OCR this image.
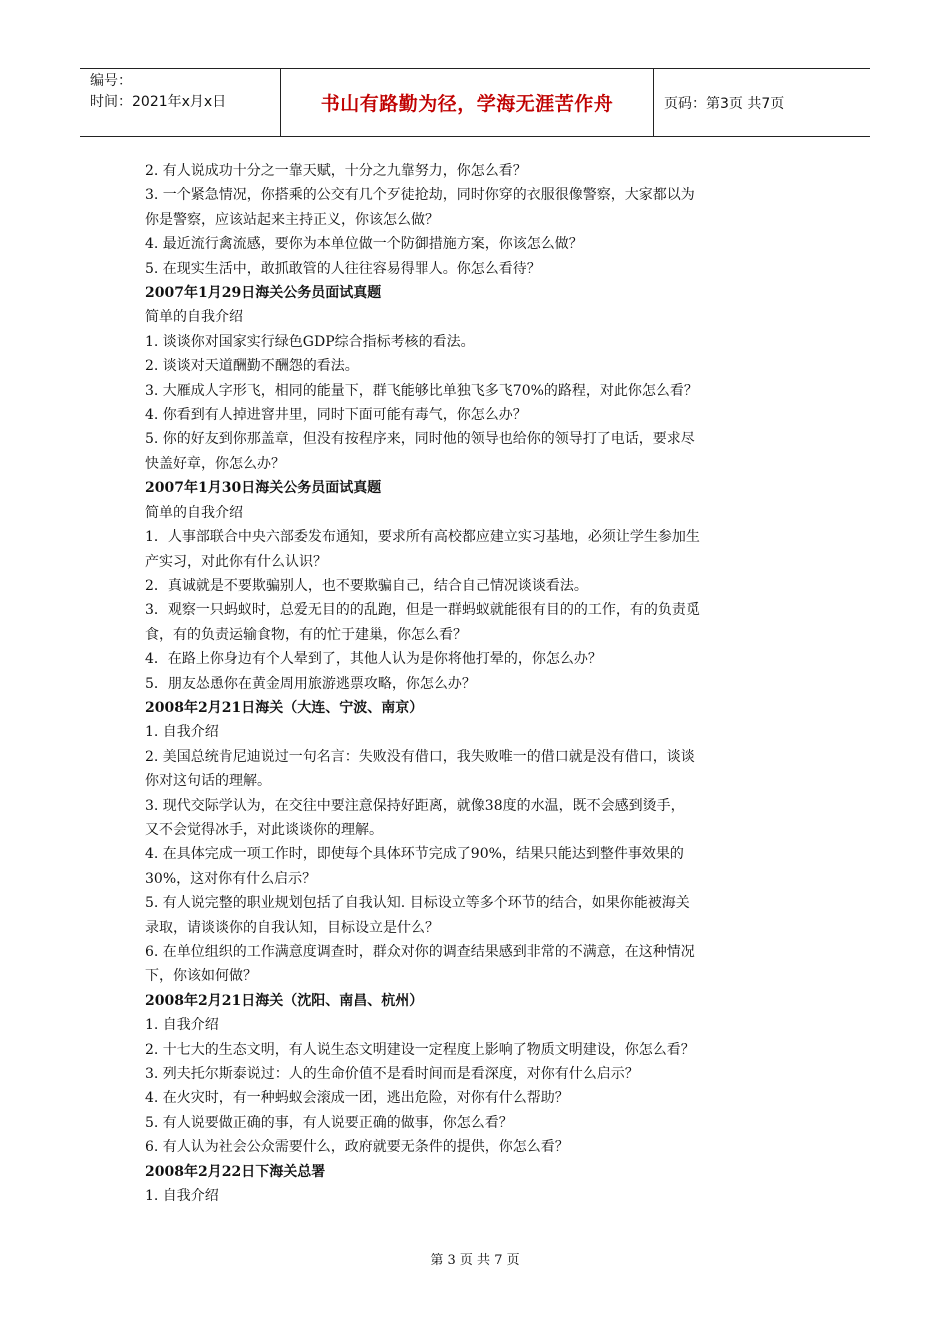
编号：
时间：2021年x月x日	书山有路勤为径，学海无涯苦作舟	页码：第3页 共7页
2. 有人说成功十分之一靠天赋，十分之九靠努力，你怎么看？
3. 一个紧急情况，你搭乘的公交有几个歹徒抢劫，同时你穿的衣服很像警察，大家都以为
你是警察，应该站起来主持正义，你该怎么做？
4. 最近流行禽流感，要你为本单位做一个防御措施方案，你该怎么做？
5. 在现实生活中，敢抓敢管的人往往容易得罪人。你怎么看待？
2007年1月29日海关公务员面试真题
简单的自我介绍
1. 谈谈你对国家实行绿色GDP综合指标考核的看法。
2. 谈谈对天道酬勤不酬怨的看法。
3. 大雁成人字形飞，相同的能量下，群飞能够比单独飞多飞70%的路程，对此你怎么看？
4. 你看到有人掉进窨井里，同时下面可能有毒气，你怎么办？
5. 你的好友到你那盖章，但没有按程序来，同时他的领导也给你的领导打了电话，要求尽
快盖好章，你怎么办？
2007年1月30日海关公务员面试真题
简单的自我介绍
1．人事部联合中央六部委发布通知，要求所有高校都应建立实习基地，必须让学生参加生
产实习，对此你有什么认识？
2．真诚就是不要欺骗别人，也不要欺骗自己，结合自己情况谈谈看法。
3．观察一只蚂蚁时，总爱无目的的乱跑，但是一群蚂蚁就能很有目的的工作，有的负责觅
食，有的负责运输食物，有的忙于建巢，你怎么看？
4．在路上你身边有个人晕到了，其他人认为是你将他打晕的，你怎么办？
5．朋友怂恿你在黄金周用旅游逃票攻略，你怎么办？
2008年2月21日海关（大连、宁波、南京）
1. 自我介绍
2. 美国总统肯尼迪说过一句名言：失败没有借口，我失败唯一的借口就是没有借口，谈谈
你对这句话的理解。
3. 现代交际学认为，在交往中要注意保持好距离，就像38度的水温，既不会感到烫手，
又不会觉得冰手，对此谈谈你的理解。
4. 在具体完成一项工作时，即使每个具体环节完成了90%，结果只能达到整件事效果的
30%，这对你有什么启示？
5. 有人说完整的职业规划包括了自我认知. 目标设立等多个环节的结合，如果你能被海关
录取，请谈谈你的自我认知，目标设立是什么？
6. 在单位组织的工作满意度调查时，群众对你的调查结果感到非常的不满意，在这种情况
下，你该如何做？
2008年2月21日海关（沈阳、南昌、杭州）
1. 自我介绍
2. 十七大的生态文明，有人说生态文明建设一定程度上影响了物质文明建设，你怎么看？
3. 列夫托尔斯泰说过：人的生命价值不是看时间而是看深度，对你有什么启示？
4. 在火灾时，有一种蚂蚁会滚成一团，逃出危险，对你有什么帮助？
5. 有人说要做正确的事，有人说要正确的做事，你怎么看？
6. 有人认为社会公众需要什么，政府就要无条件的提供，你怎么看？
2008年2月22日下海关总署
1. 自我介绍
第 3 页 共 7 页
